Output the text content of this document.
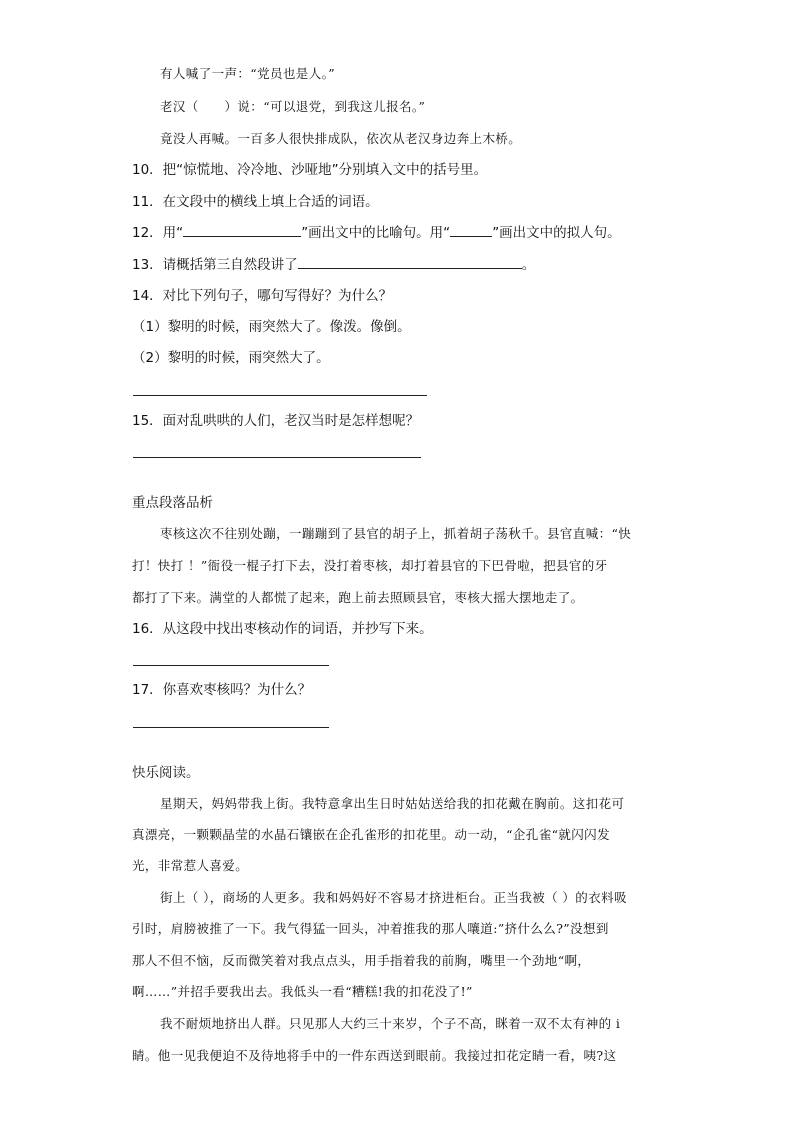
有人喊了一声：“党员也是人。”
老汉（　　）说：“可以退党，到我这儿报名。”
竟没人再喊。一百多人很快排成队，依次从老汉身边奔上木桥。
10．把“惊慌地、冷冷地、沙哑地”分别填入文中的括号里。
11．在文段中的横线上填上合适的词语。
12．用“	”画出文中的比喻句。用“	”画出文中的拟人句。
13．请概括第三自然段讲了	。
14．对比下列句子，哪句写得好？为什么？
（1）黎明的时候，雨突然大了。像泼。像倒。
（2）黎明的时候，雨突然大了。
15．面对乱哄哄的人们，老汉当时是怎样想呢？
重点段落品析
枣核这次不往别处蹦，一蹦蹦到了县官的胡子上，抓着胡子荡秋千。县官直喊：“快
打！快打 ！”衙役一棍子打下去，没打着枣核，却打着县官的下巴骨啦，把县官的牙
都打了下来。满堂的人都慌了起来，跑上前去照顾县官，枣核大摇大摆地走了。
16．从这段中找出枣核动作的词语，并抄写下来。
17．你喜欢枣核吗？为什么？
快乐阅读。
星期天，妈妈带我上街。我特意拿出生日时姑姑送给我的扣花戴在胸前。这扣花可
真漂亮，一颗颗晶莹的水晶石镶嵌在企孔雀形的扣花里。动一动，“企孔雀“就闪闪发
光，非常惹人喜爱。
街上（ ），商场的人更多。我和妈妈好不容易才挤进柜台。正当我被（ ）的衣料吸
引时，肩膀被推了一下。我气得猛一回头，冲着推我的那人嚷道:”挤什么么?”没想到
那人不但不恼，反而微笑着对我点点头，用手指着我的前胸，嘴里一个劲地“啊，
啊……”并招手要我出去。我低头一看“糟糕!我的扣花没了!”
我不耐烦地挤出人群。只见那人大约三十来岁，个子不高，眯着一双不太有神的 i
睛。他一见我便迫不及待地将手中的一件东西送到眼前。我接过扣花定睛一看，咦?这
